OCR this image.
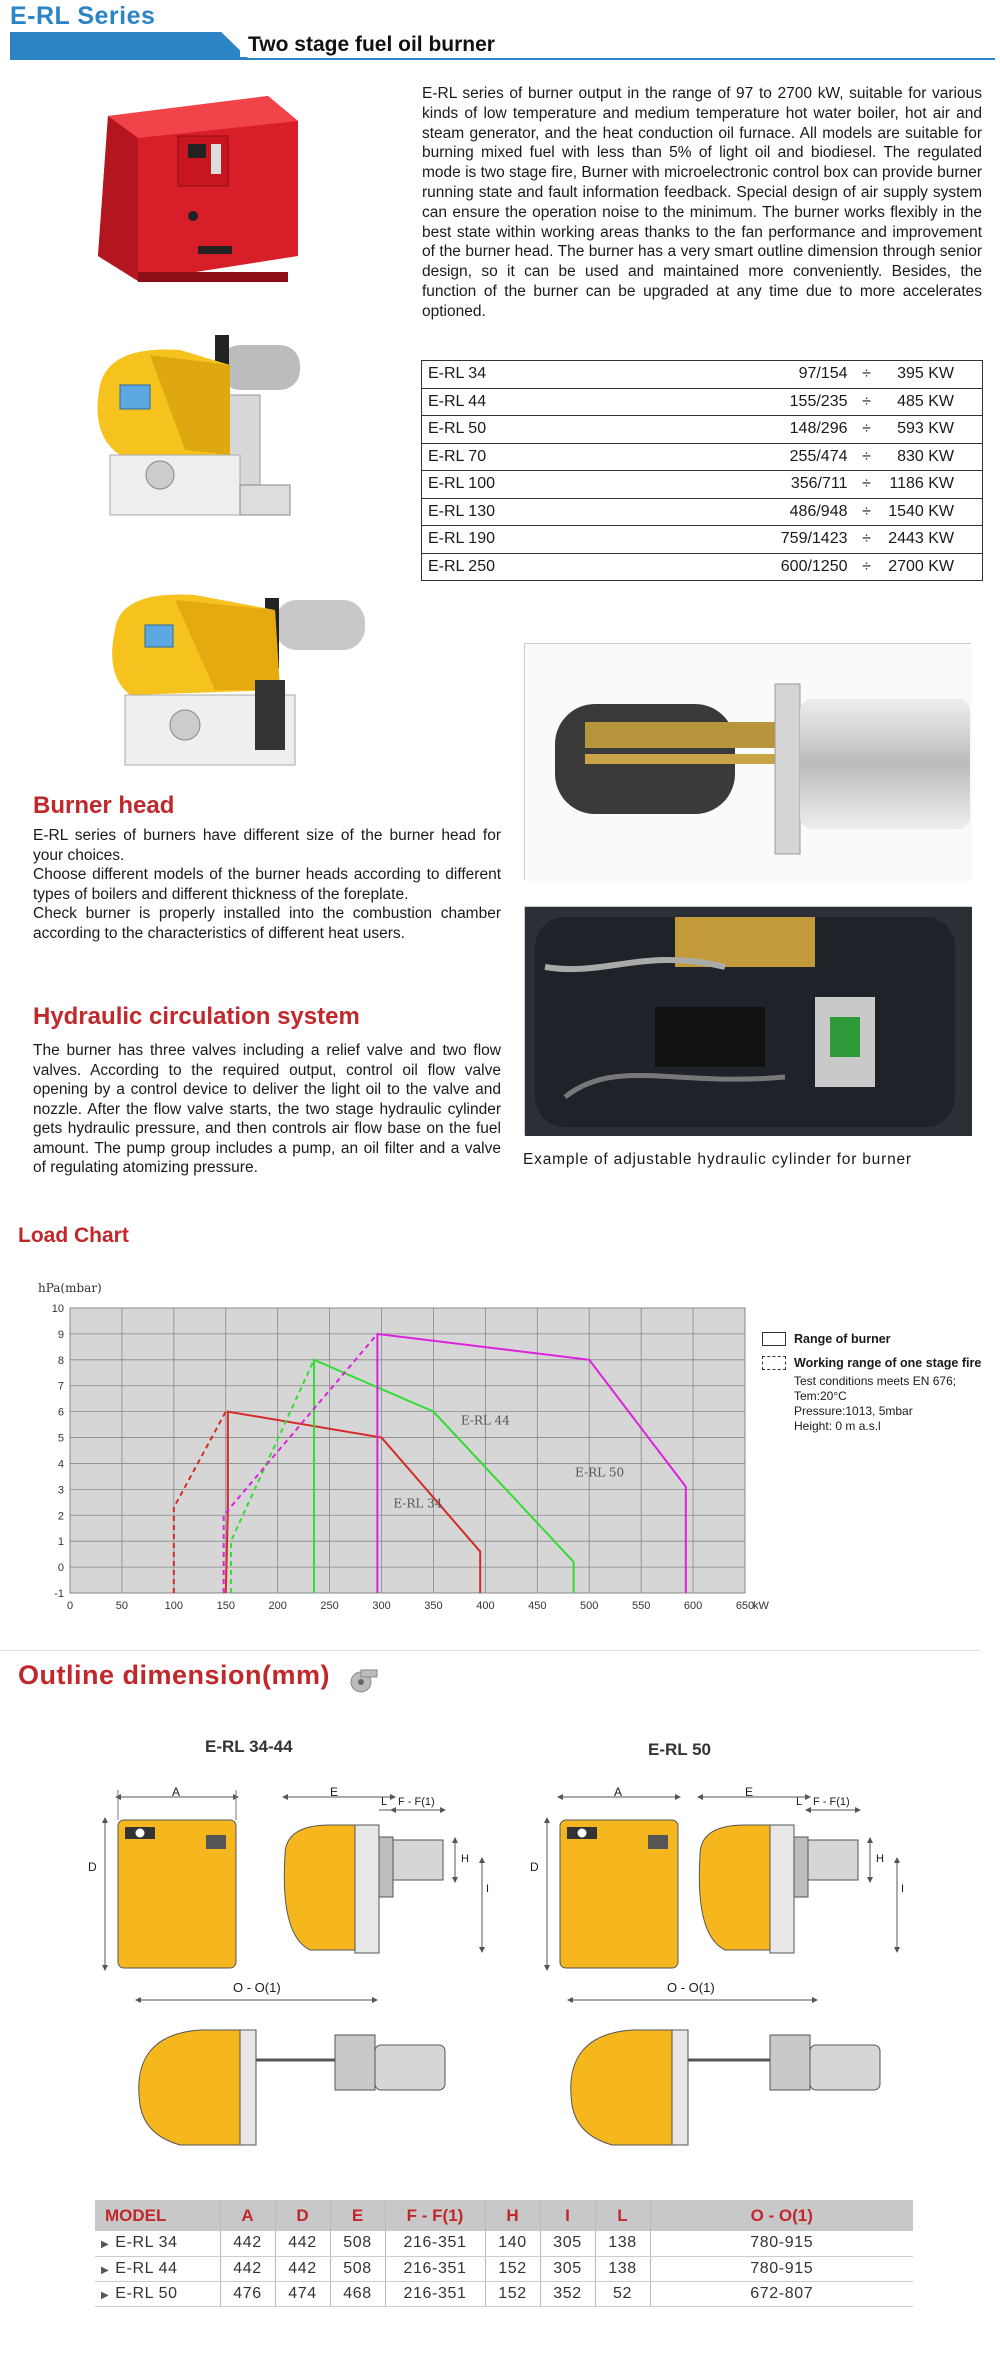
E-RL Series
Two stage fuel oil burner
E-RL series of burner output in the range of 97 to 2700 kW, suitable for various kinds of low temperature and medium temperature hot water boiler, hot air and steam generator, and the heat conduction oil furnace. All models are suitable for burning mixed fuel with less than 5% of light oil and biodiesel. The regulated mode is two stage fire, Burner with microelectronic control box can provide burner running state and fault information feedback. Special design of air supply system can ensure the operation noise to the minimum. The burner works flexibly in the best state within working areas thanks to the fan performance and improvement of the burner head. The burner has a very smart outline dimension through senior design, so it can be used and maintained more conveniently. Besides, the function of the burner can be upgraded at any time due to more accelerates optioned.
E-RL 34	97/154	÷	395 KW
E-RL 44	155/235	÷	485 KW
E-RL 50	148/296	÷	593 KW
E-RL 70	255/474	÷	830 KW
E-RL 100	356/711	÷	1186 KW
E-RL 130	486/948	÷	1540 KW
E-RL 190	759/1423	÷	2443 KW
E-RL 250	600/1250	÷	2700 KW
Example of adjustable hydraulic cylinder for burner
Burner head
E-RL series of burners have different size of the burner head for your choices.
Choose different models of the burner heads according to different types of boilers and different thickness of the foreplate.
Check burner is properly installed into the combustion chamber according to the characteristics of different heat users.
Hydraulic circulation system
The burner has three valves including a relief valve and two flow valves. According to the required output, control oil flow valve opening by a control device to deliver the light oil to the valve and nozzle. After the flow valve starts, the two stage hydraulic cylinder gets hydraulic pressure, and then controls air flow base on the fuel amount. The pump group includes a pump, an oil filter and a valve of regulating atomizing pressure.
Load Chart
0	50	100	150	200	250	300	350	400	450	500	550	600	650
-1
0
1
2
3
4
5
6
7
8
9
10
hPa(mbar)
kW
E-RL 34
E-RL 44
E-RL 50
Range of burner
Working range of one stage fire
Test conditions meets EN 676;
Tem:20°C
Pressure:1013, 5mbar
Height: 0 m a.s.l
Outline dimension(mm)
E-RL 34-44	E-RL 50
A
D
E
L F - F(1)
H
I
O - O(1)
A
D
E
L F - F(1)
H
I
O - O(1)
MODEL	A	D	E	F - F(1)	H	I	L	O - O(1)
▶ E-RL 34	442	442	508	216-351	140	305	138	780-915
▶ E-RL 44	442	442	508	216-351	152	305	138	780-915
▶ E-RL 50	476	474	468	216-351	152	352	52	672-807
